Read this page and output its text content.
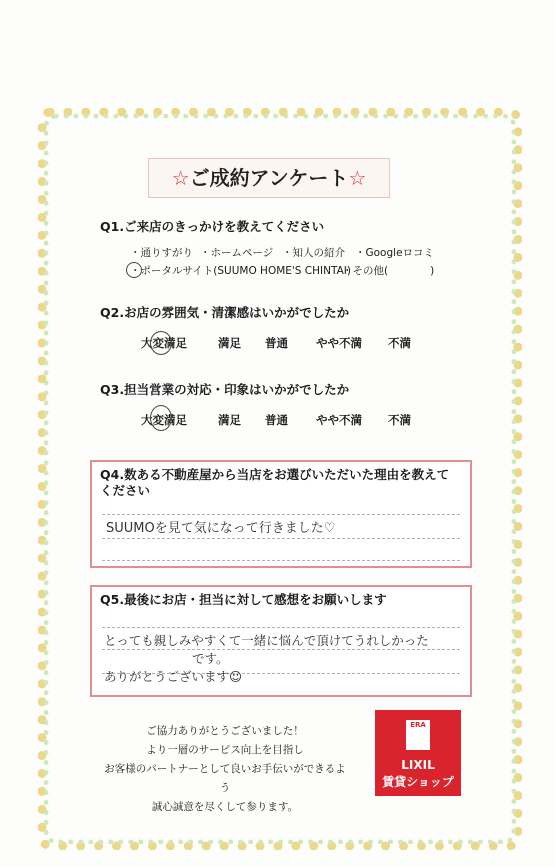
☆ご成約アンケート☆
Q1.ご来店のきっかけを教えてください
・通りすがり ・ホームページ ・知人の紹介 ・Googleロコミ
・ポータルサイト(SUUMO HOME'S CHINTAI)
・その他(　　　　)
Q2.お店の雰囲気・清潔感はいかがでしたか
大変満足	満足 普通 やや不満 不満
Q3.担当営業の対応・印象はいかがでしたか
大変満足	満足 普通 やや不満 不満
Q4.数ある不動産屋から当店をお選びいただいた理由を教えてください
SUUMOを見て気になって行きました♡
Q5.最後にお店・担当に対して感想をお願いします
とっても親しみやすくて一緒に悩んで頂けてうれしかった
です。
ありがとうございます☺
ご協力ありがとうございました！
より一層のサービス向上を目指し
お客様のパートナーとして良いお手伝いができるよう
誠心誠意を尽くして参ります。
ERA
LIXIL
賃貸ショップ
